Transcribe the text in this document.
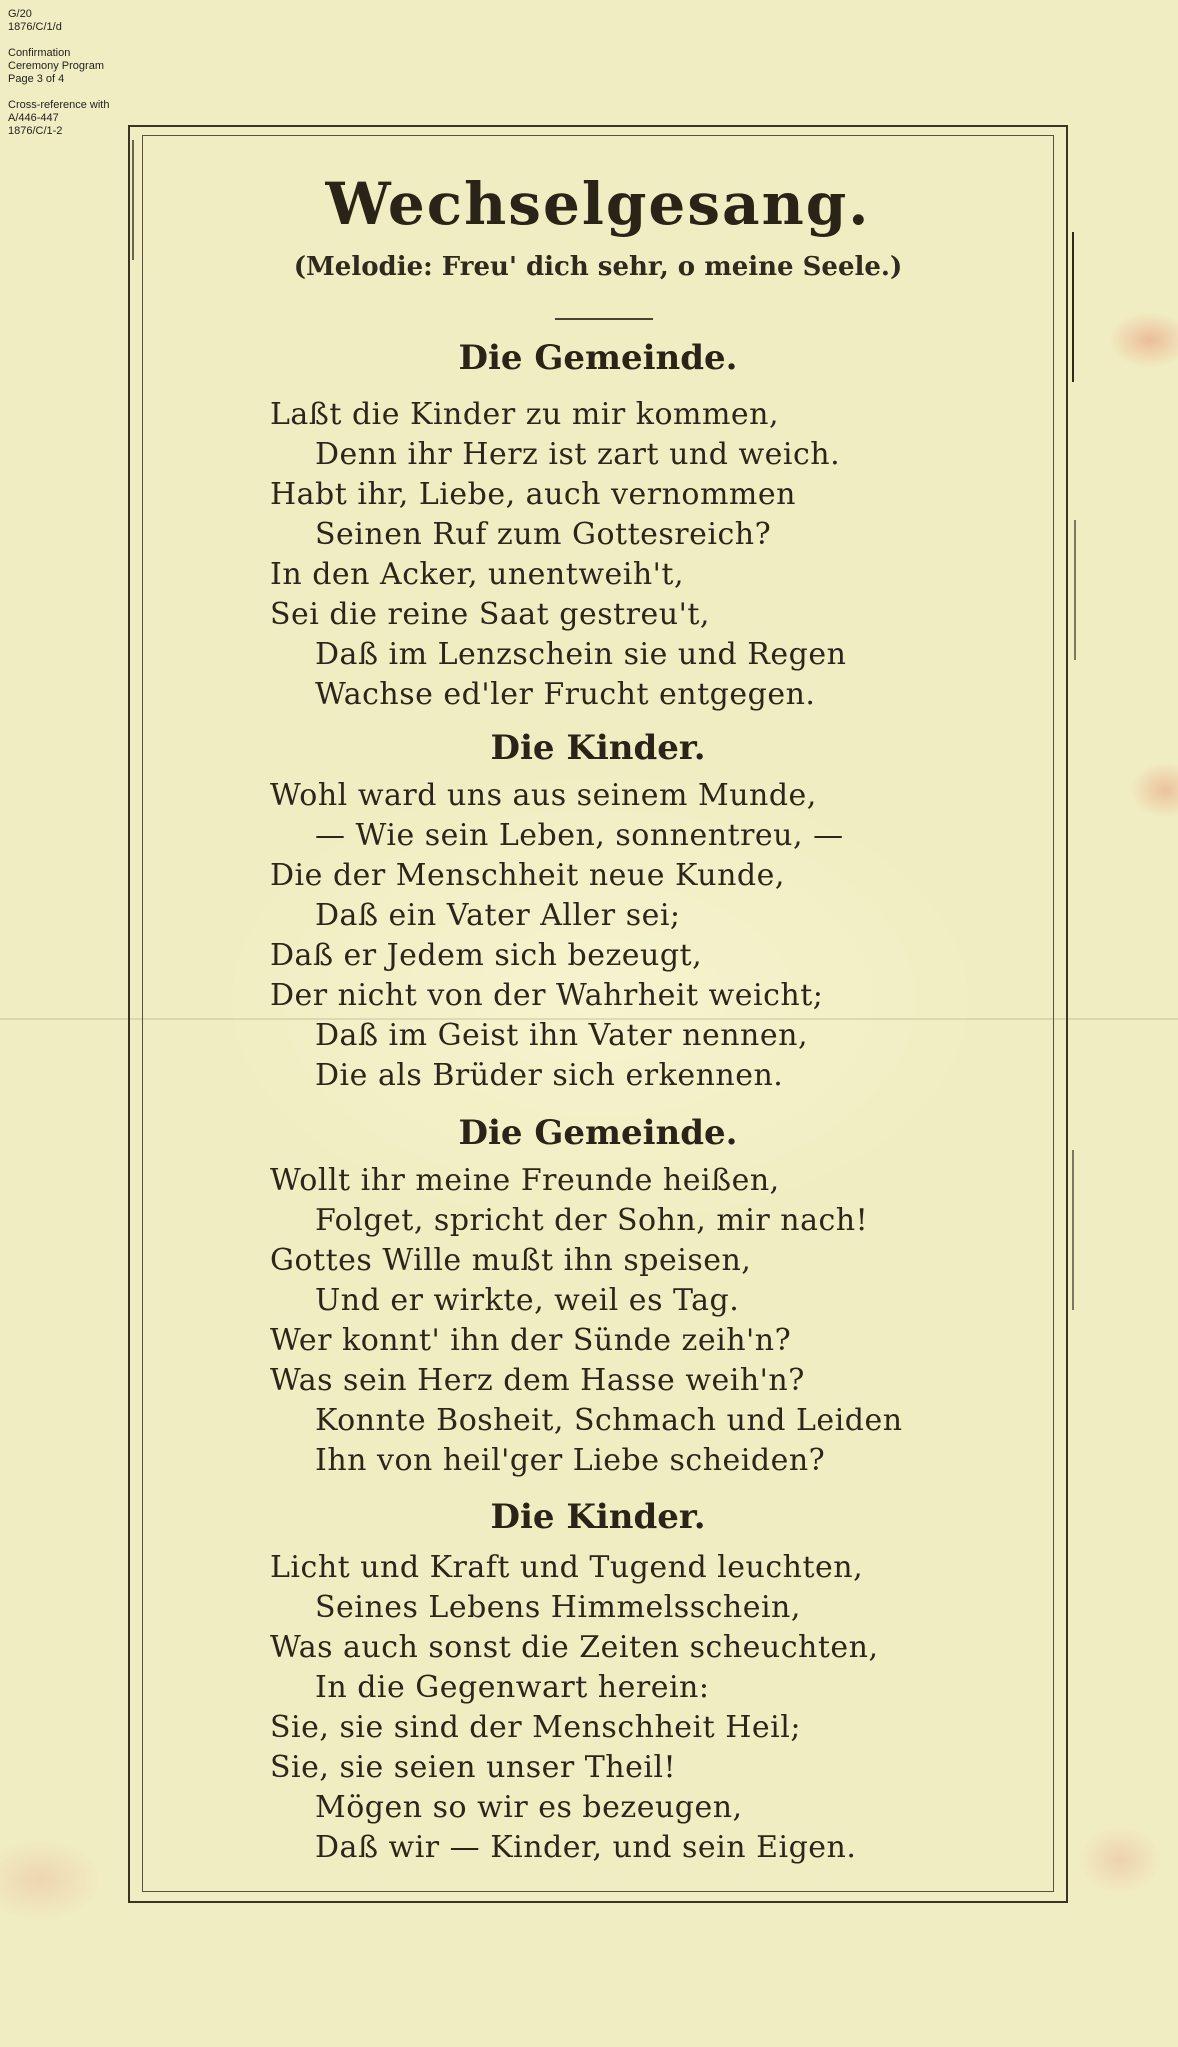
G/20
1876/C/1/d
Confirmation
Ceremony Program
Page 3 of 4
Cross-reference with
A/446-447
1876/C/1-2
Wechselgesang.
(Melodie: Freu' dich sehr, o meine Seele.)
Die Gemeinde.
Laßt die Kinder zu mir kommen,
Denn ihr Herz ist zart und weich.
Habt ihr, Liebe, auch vernommen
Seinen Ruf zum Gottesreich?
In den Acker, unentweih't,
Sei die reine Saat gestreu't,
Daß im Lenzschein sie und Regen
Wachse ed'ler Frucht entgegen.
Die Kinder.
Wohl ward uns aus seinem Munde,
— Wie sein Leben, sonnentreu, —
Die der Menschheit neue Kunde,
Daß ein Vater Aller sei;
Daß er Jedem sich bezeugt,
Der nicht von der Wahrheit weicht;
Daß im Geist ihn Vater nennen,
Die als Brüder sich erkennen.
Die Gemeinde.
Wollt ihr meine Freunde heißen,
Folget, spricht der Sohn, mir nach!
Gottes Wille mußt ihn speisen,
Und er wirkte, weil es Tag.
Wer konnt' ihn der Sünde zeih'n?
Was sein Herz dem Hasse weih'n?
Konnte Bosheit, Schmach und Leiden
Ihn von heil'ger Liebe scheiden?
Die Kinder.
Licht und Kraft und Tugend leuchten,
Seines Lebens Himmelsschein,
Was auch sonst die Zeiten scheuchten,
In die Gegenwart herein:
Sie, sie sind der Menschheit Heil;
Sie, sie seien unser Theil!
Mögen so wir es bezeugen,
Daß wir — Kinder, und sein Eigen.
